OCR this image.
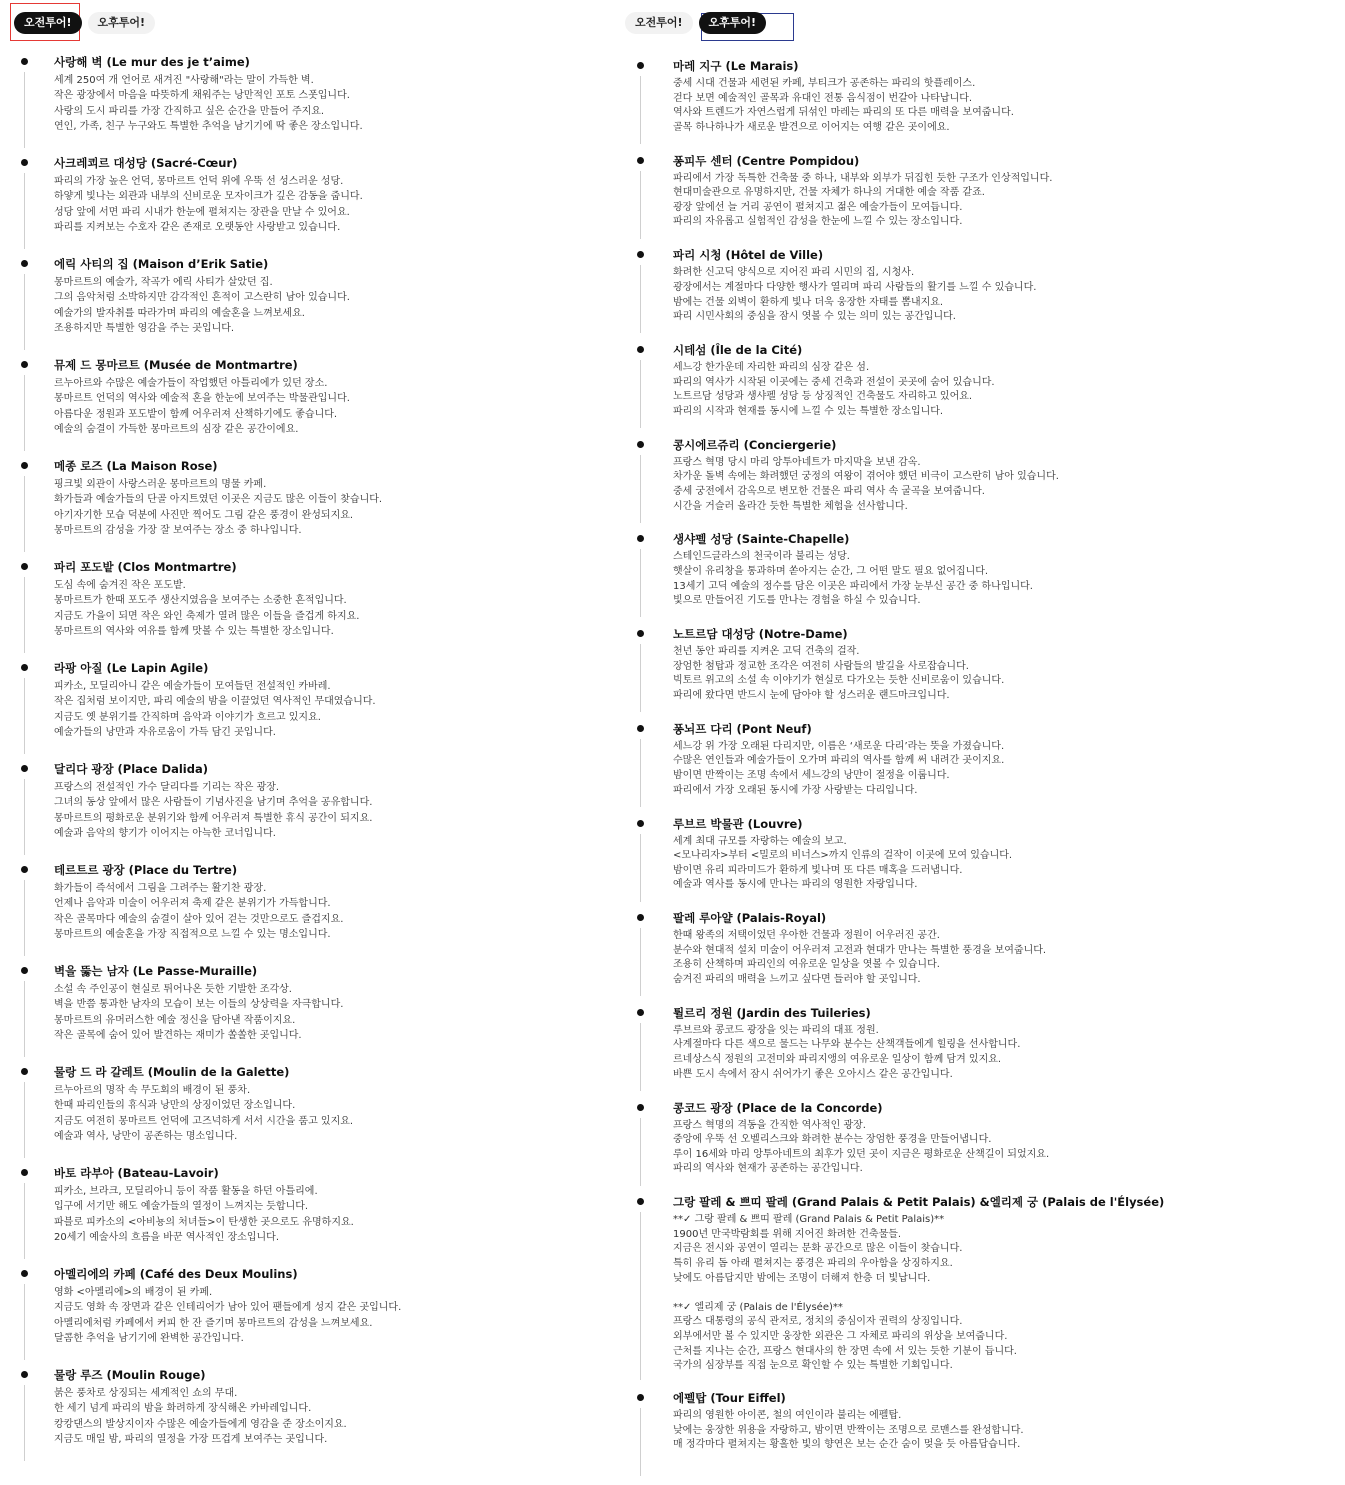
오전투어!	오후투어!
사랑해 벽 (Le mur des je t’aime)
세계 250여 개 언어로 새겨진 "사랑해"라는 말이 가득한 벽.
작은 광장에서 마음을 따뜻하게 채워주는 낭만적인 포토 스폿입니다.
사랑의 도시 파리를 가장 간직하고 싶은 순간을 만들어 주지요.
연인, 가족, 친구 누구와도 특별한 추억을 남기기에 딱 좋은 장소입니다.
사크레쾨르 대성당 (Sacré-Cœur)
파리의 가장 높은 언덕, 몽마르트 언덕 위에 우뚝 선 성스러운 성당.
하얗게 빛나는 외관과 내부의 신비로운 모자이크가 깊은 감동을 줍니다.
성당 앞에 서면 파리 시내가 한눈에 펼쳐지는 장관을 만날 수 있어요.
파리를 지켜보는 수호자 같은 존재로 오랫동안 사랑받고 있습니다.
에릭 사티의 집 (Maison d’Erik Satie)
몽마르트의 예술가, 작곡가 에릭 사티가 살았던 집.
그의 음악처럼 소박하지만 감각적인 흔적이 고스란히 남아 있습니다.
예술가의 발자취를 따라가며 파리의 예술혼을 느껴보세요.
조용하지만 특별한 영감을 주는 곳입니다.
뮤제 드 몽마르트 (Musée de Montmartre)
르누아르와 수많은 예술가들이 작업했던 아틀리에가 있던 장소.
몽마르트 언덕의 역사와 예술적 혼을 한눈에 보여주는 박물관입니다.
아름다운 정원과 포도밭이 함께 어우러져 산책하기에도 좋습니다.
예술의 숨결이 가득한 몽마르트의 심장 같은 공간이에요.
메종 로즈 (La Maison Rose)
핑크빛 외관이 사랑스러운 몽마르트의 명물 카페.
화가들과 예술가들의 단골 아지트였던 이곳은 지금도 많은 이들이 찾습니다.
아기자기한 모습 덕분에 사진만 찍어도 그림 같은 풍경이 완성되지요.
몽마르트의 감성을 가장 잘 보여주는 장소 중 하나입니다.
파리 포도밭 (Clos Montmartre)
도심 속에 숨겨진 작은 포도밭.
몽마르트가 한때 포도주 생산지였음을 보여주는 소중한 흔적입니다.
지금도 가을이 되면 작은 와인 축제가 열려 많은 이들을 즐겁게 하지요.
몽마르트의 역사와 여유를 함께 맛볼 수 있는 특별한 장소입니다.
라팡 아질 (Le Lapin Agile)
피카소, 모딜리아니 같은 예술가들이 모여들던 전설적인 카바레.
작은 집처럼 보이지만, 파리 예술의 밤을 이끌었던 역사적인 무대였습니다.
지금도 옛 분위기를 간직하며 음악과 이야기가 흐르고 있지요.
예술가들의 낭만과 자유로움이 가득 담긴 곳입니다.
달리다 광장 (Place Dalida)
프랑스의 전설적인 가수 달리다를 기리는 작은 광장.
그녀의 동상 앞에서 많은 사람들이 기념사진을 남기며 추억을 공유합니다.
몽마르트의 평화로운 분위기와 함께 어우러져 특별한 휴식 공간이 되지요.
예술과 음악의 향기가 이어지는 아늑한 코너입니다.
테르트르 광장 (Place du Tertre)
화가들이 즉석에서 그림을 그려주는 활기찬 광장.
언제나 음악과 미술이 어우러져 축제 같은 분위기가 가득합니다.
작은 골목마다 예술의 숨결이 살아 있어 걷는 것만으로도 즐겁지요.
몽마르트의 예술혼을 가장 직접적으로 느낄 수 있는 명소입니다.
벽을 뚫는 남자 (Le Passe-Muraille)
소설 속 주인공이 현실로 튀어나온 듯한 기발한 조각상.
벽을 반쯤 통과한 남자의 모습이 보는 이들의 상상력을 자극합니다.
몽마르트의 유머러스한 예술 정신을 담아낸 작품이지요.
작은 골목에 숨어 있어 발견하는 재미가 쏠쏠한 곳입니다.
물랑 드 라 갈레트 (Moulin de la Galette)
르누아르의 명작 속 무도회의 배경이 된 풍차.
한때 파리인들의 휴식과 낭만의 상징이었던 장소입니다.
지금도 여전히 몽마르트 언덕에 고즈넉하게 서서 시간을 품고 있지요.
예술과 역사, 낭만이 공존하는 명소입니다.
바토 라부아 (Bateau-Lavoir)
피카소, 브라크, 모딜리아니 등이 작품 활동을 하던 아틀리에.
입구에 서기만 해도 예술가들의 열정이 느껴지는 듯합니다.
파블로 피카소의 <아비뇽의 처녀들>이 탄생한 곳으로도 유명하지요.
20세기 예술사의 흐름을 바꾼 역사적인 장소입니다.
아멜리에의 카페 (Café des Deux Moulins)
영화 <아멜리에>의 배경이 된 카페.
지금도 영화 속 장면과 같은 인테리어가 남아 있어 팬들에게 성지 같은 곳입니다.
아멜리에처럼 카페에서 커피 한 잔 즐기며 몽마르트의 감성을 느껴보세요.
달콤한 추억을 남기기에 완벽한 공간입니다.
물랑 루즈 (Moulin Rouge)
붉은 풍차로 상징되는 세계적인 쇼의 무대.
한 세기 넘게 파리의 밤을 화려하게 장식해온 카바레입니다.
캉캉댄스의 발상지이자 수많은 예술가들에게 영감을 준 장소이지요.
지금도 매일 밤, 파리의 열정을 가장 뜨겁게 보여주는 곳입니다.
오전투어!	오후투어!
마레 지구 (Le Marais)
중세 시대 건물과 세련된 카페, 부티크가 공존하는 파리의 핫플레이스.
걷다 보면 예술적인 골목과 유대인 전통 음식점이 번갈아 나타납니다.
역사와 트렌드가 자연스럽게 뒤섞인 마레는 파리의 또 다른 매력을 보여줍니다.
골목 하나하나가 새로운 발견으로 이어지는 여행 같은 곳이에요.
퐁피두 센터 (Centre Pompidou)
파리에서 가장 독특한 건축물 중 하나, 내부와 외부가 뒤집힌 듯한 구조가 인상적입니다.
현대미술관으로 유명하지만, 건물 자체가 하나의 거대한 예술 작품 같죠.
광장 앞에선 늘 거리 공연이 펼쳐지고 젊은 예술가들이 모여듭니다.
파리의 자유롭고 실험적인 감성을 한눈에 느낄 수 있는 장소입니다.
파리 시청 (Hôtel de Ville)
화려한 신고딕 양식으로 지어진 파리 시민의 집, 시청사.
광장에서는 계절마다 다양한 행사가 열리며 파리 사람들의 활기를 느낄 수 있습니다.
밤에는 건물 외벽이 환하게 빛나 더욱 웅장한 자태를 뽐내지요.
파리 시민사회의 중심을 잠시 엿볼 수 있는 의미 있는 공간입니다.
시테섬 (Île de la Cité)
세느강 한가운데 자리한 파리의 심장 같은 섬.
파리의 역사가 시작된 이곳에는 중세 건축과 전설이 곳곳에 숨어 있습니다.
노트르담 성당과 생샤펠 성당 등 상징적인 건축물도 자리하고 있어요.
파리의 시작과 현재를 동시에 느낄 수 있는 특별한 장소입니다.
콩시에르쥬리 (Conciergerie)
프랑스 혁명 당시 마리 앙투아네트가 마지막을 보낸 감옥.
차가운 돌벽 속에는 화려했던 궁정의 여왕이 겪어야 했던 비극이 고스란히 남아 있습니다.
중세 궁전에서 감옥으로 변모한 건물은 파리 역사 속 굴곡을 보여줍니다.
시간을 거슬러 올라간 듯한 특별한 체험을 선사합니다.
생샤펠 성당 (Sainte-Chapelle)
스테인드글라스의 천국이라 불리는 성당.
햇살이 유리창을 통과하며 쏟아지는 순간, 그 어떤 말도 필요 없어집니다.
13세기 고딕 예술의 정수를 담은 이곳은 파리에서 가장 눈부신 공간 중 하나입니다.
빛으로 만들어진 기도를 만나는 경험을 하실 수 있습니다.
노트르담 대성당 (Notre-Dame)
천년 동안 파리를 지켜온 고딕 건축의 걸작.
장엄한 첨탑과 정교한 조각은 여전히 사람들의 발길을 사로잡습니다.
빅토르 위고의 소설 속 이야기가 현실로 다가오는 듯한 신비로움이 있습니다.
파리에 왔다면 반드시 눈에 담아야 할 성스러운 랜드마크입니다.
퐁뇌프 다리 (Pont Neuf)
세느강 위 가장 오래된 다리지만, 이름은 ‘새로운 다리’라는 뜻을 가졌습니다.
수많은 연인들과 예술가들이 오가며 파리의 역사를 함께 써 내려간 곳이지요.
밤이면 반짝이는 조명 속에서 세느강의 낭만이 절정을 이룹니다.
파리에서 가장 오래된 동시에 가장 사랑받는 다리입니다.
루브르 박물관 (Louvre)
세계 최대 규모를 자랑하는 예술의 보고.
<모나리자>부터 <밀로의 비너스>까지 인류의 걸작이 이곳에 모여 있습니다.
밤이면 유리 피라미드가 환하게 빛나며 또 다른 매혹을 드러냅니다.
예술과 역사를 동시에 만나는 파리의 영원한 자랑입니다.
팔레 루아얄 (Palais-Royal)
한때 왕족의 저택이었던 우아한 건물과 정원이 어우러진 공간.
분수와 현대적 설치 미술이 어우러져 고전과 현대가 만나는 특별한 풍경을 보여줍니다.
조용히 산책하며 파리인의 여유로운 일상을 엿볼 수 있습니다.
숨겨진 파리의 매력을 느끼고 싶다면 들러야 할 곳입니다.
튈르리 정원 (Jardin des Tuileries)
루브르와 콩코드 광장을 잇는 파리의 대표 정원.
사계절마다 다른 색으로 물드는 나무와 분수는 산책객들에게 힐링을 선사합니다.
르네상스식 정원의 고전미와 파리지앵의 여유로운 일상이 함께 담겨 있지요.
바쁜 도시 속에서 잠시 쉬어가기 좋은 오아시스 같은 공간입니다.
콩코드 광장 (Place de la Concorde)
프랑스 혁명의 격동을 간직한 역사적인 광장.
중앙에 우뚝 선 오벨리스크와 화려한 분수는 장엄한 풍경을 만들어냅니다.
루이 16세와 마리 앙투아네트의 최후가 있던 곳이 지금은 평화로운 산책길이 되었지요.
파리의 역사와 현재가 공존하는 공간입니다.
그랑 팔레 & 쁘띠 팔레 (Grand Palais & Petit Palais) &엘리제 궁 (Palais de l'Élysée)
**✓ 그랑 팔레 & 쁘띠 팔레 (Grand Palais & Petit Palais)**
1900년 만국박람회를 위해 지어진 화려한 건축물들.
지금은 전시와 공연이 열리는 문화 공간으로 많은 이들이 찾습니다.
특히 유리 돔 아래 펼쳐지는 풍경은 파리의 우아함을 상징하지요.
낮에도 아름답지만 밤에는 조명이 더해져 한층 더 빛납니다.
**✓ 엘리제 궁 (Palais de l'Élysée)**
프랑스 대통령의 공식 관저로, 정치의 중심이자 권력의 상징입니다.
외부에서만 볼 수 있지만 웅장한 외관은 그 자체로 파리의 위상을 보여줍니다.
근처를 지나는 순간, 프랑스 현대사의 한 장면 속에 서 있는 듯한 기분이 듭니다.
국가의 심장부를 직접 눈으로 확인할 수 있는 특별한 기회입니다.
에펠탑 (Tour Eiffel)
파리의 영원한 아이콘, 철의 여인이라 불리는 에펠탑.
낮에는 웅장한 위용을 자랑하고, 밤이면 반짝이는 조명으로 로맨스를 완성합니다.
매 정각마다 펼쳐지는 황홀한 빛의 향연은 보는 순간 숨이 멎을 듯 아름답습니다.
